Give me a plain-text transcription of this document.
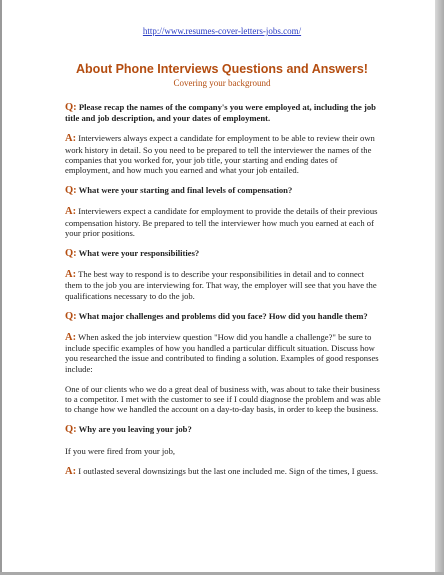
http://www.resumes-cover-letters-jobs.com/
About Phone Interviews Questions and Answers!
Covering your background
Q: Please recap the names of the company's you were employed at, including the job title and job description, and your dates of employment.
A: Interviewers always expect a candidate for employment to be able to review their own work history in detail. So you need to be prepared to tell the interviewer the names of the companies that you worked for, your job title, your starting and ending dates of employment, and how much you earned and what your job entailed.
Q: What were your starting and final levels of compensation?
A: Interviewers expect a candidate for employment to provide the details of their previous compensation history. Be prepared to tell the interviewer how much you earned at each of your prior positions.
Q: What were your responsibilities?
A: The best way to respond is to describe your responsibilities in detail and to connect them to the job you are interviewing for. That way, the employer will see that you have the qualifications necessary to do the job.
Q: What major challenges and problems did you face? How did you handle them?
A: When asked the job interview question "How did you handle a challenge?" be sure to include specific examples of how you handled a particular difficult situation. Discuss how you researched the issue and contributed to finding a solution. Examples of good responses include:
One of our clients who we do a great deal of business with, was about to take their business to a competitor. I met with the customer to see if I could diagnose the problem and was able to change how we handled the account on a day-to-day basis, in order to keep the business.
Q: Why are you leaving your job?
If you were fired from your job,
A: I outlasted several downsizings but the last one included me. Sign of the times, I guess.
